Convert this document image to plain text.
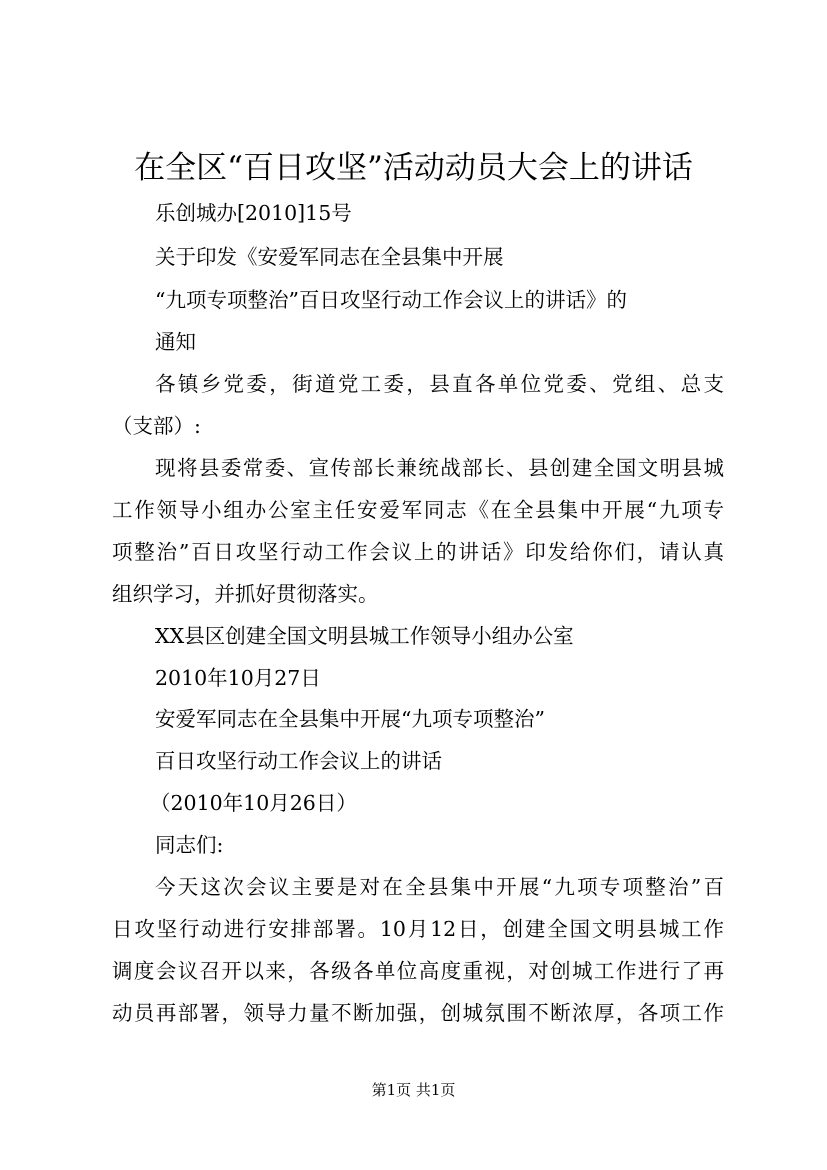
在全区“百日攻坚”活动动员大会上的讲话
乐创城办[2010]15号
关于印发《安爱军同志在全县集中开展
“九项专项整治”百日攻坚行动工作会议上的讲话》的
通知
各镇乡党委，街道党工委，县直各单位党委、党组、总支
（支部）:
现将县委常委、宣传部长兼统战部长、县创建全国文明县城
工作领导小组办公室主任安爱军同志《在全县集中开展“九项专
项整治”百日攻坚行动工作会议上的讲话》印发给你们，请认真
组织学习，并抓好贯彻落实。
XX县区创建全国文明县城工作领导小组办公室
2010年10月27日
安爱军同志在全县集中开展“九项专项整治”
百日攻坚行动工作会议上的讲话
（2010年10月26日）
同志们:
今天这次会议主要是对在全县集中开展“九项专项整治”百
日攻坚行动进行安排部署。10月12日，创建全国文明县城工作
调度会议召开以来，各级各单位高度重视，对创城工作进行了再
动员再部署，领导力量不断加强，创城氛围不断浓厚，各项工作
第1页 共1页
